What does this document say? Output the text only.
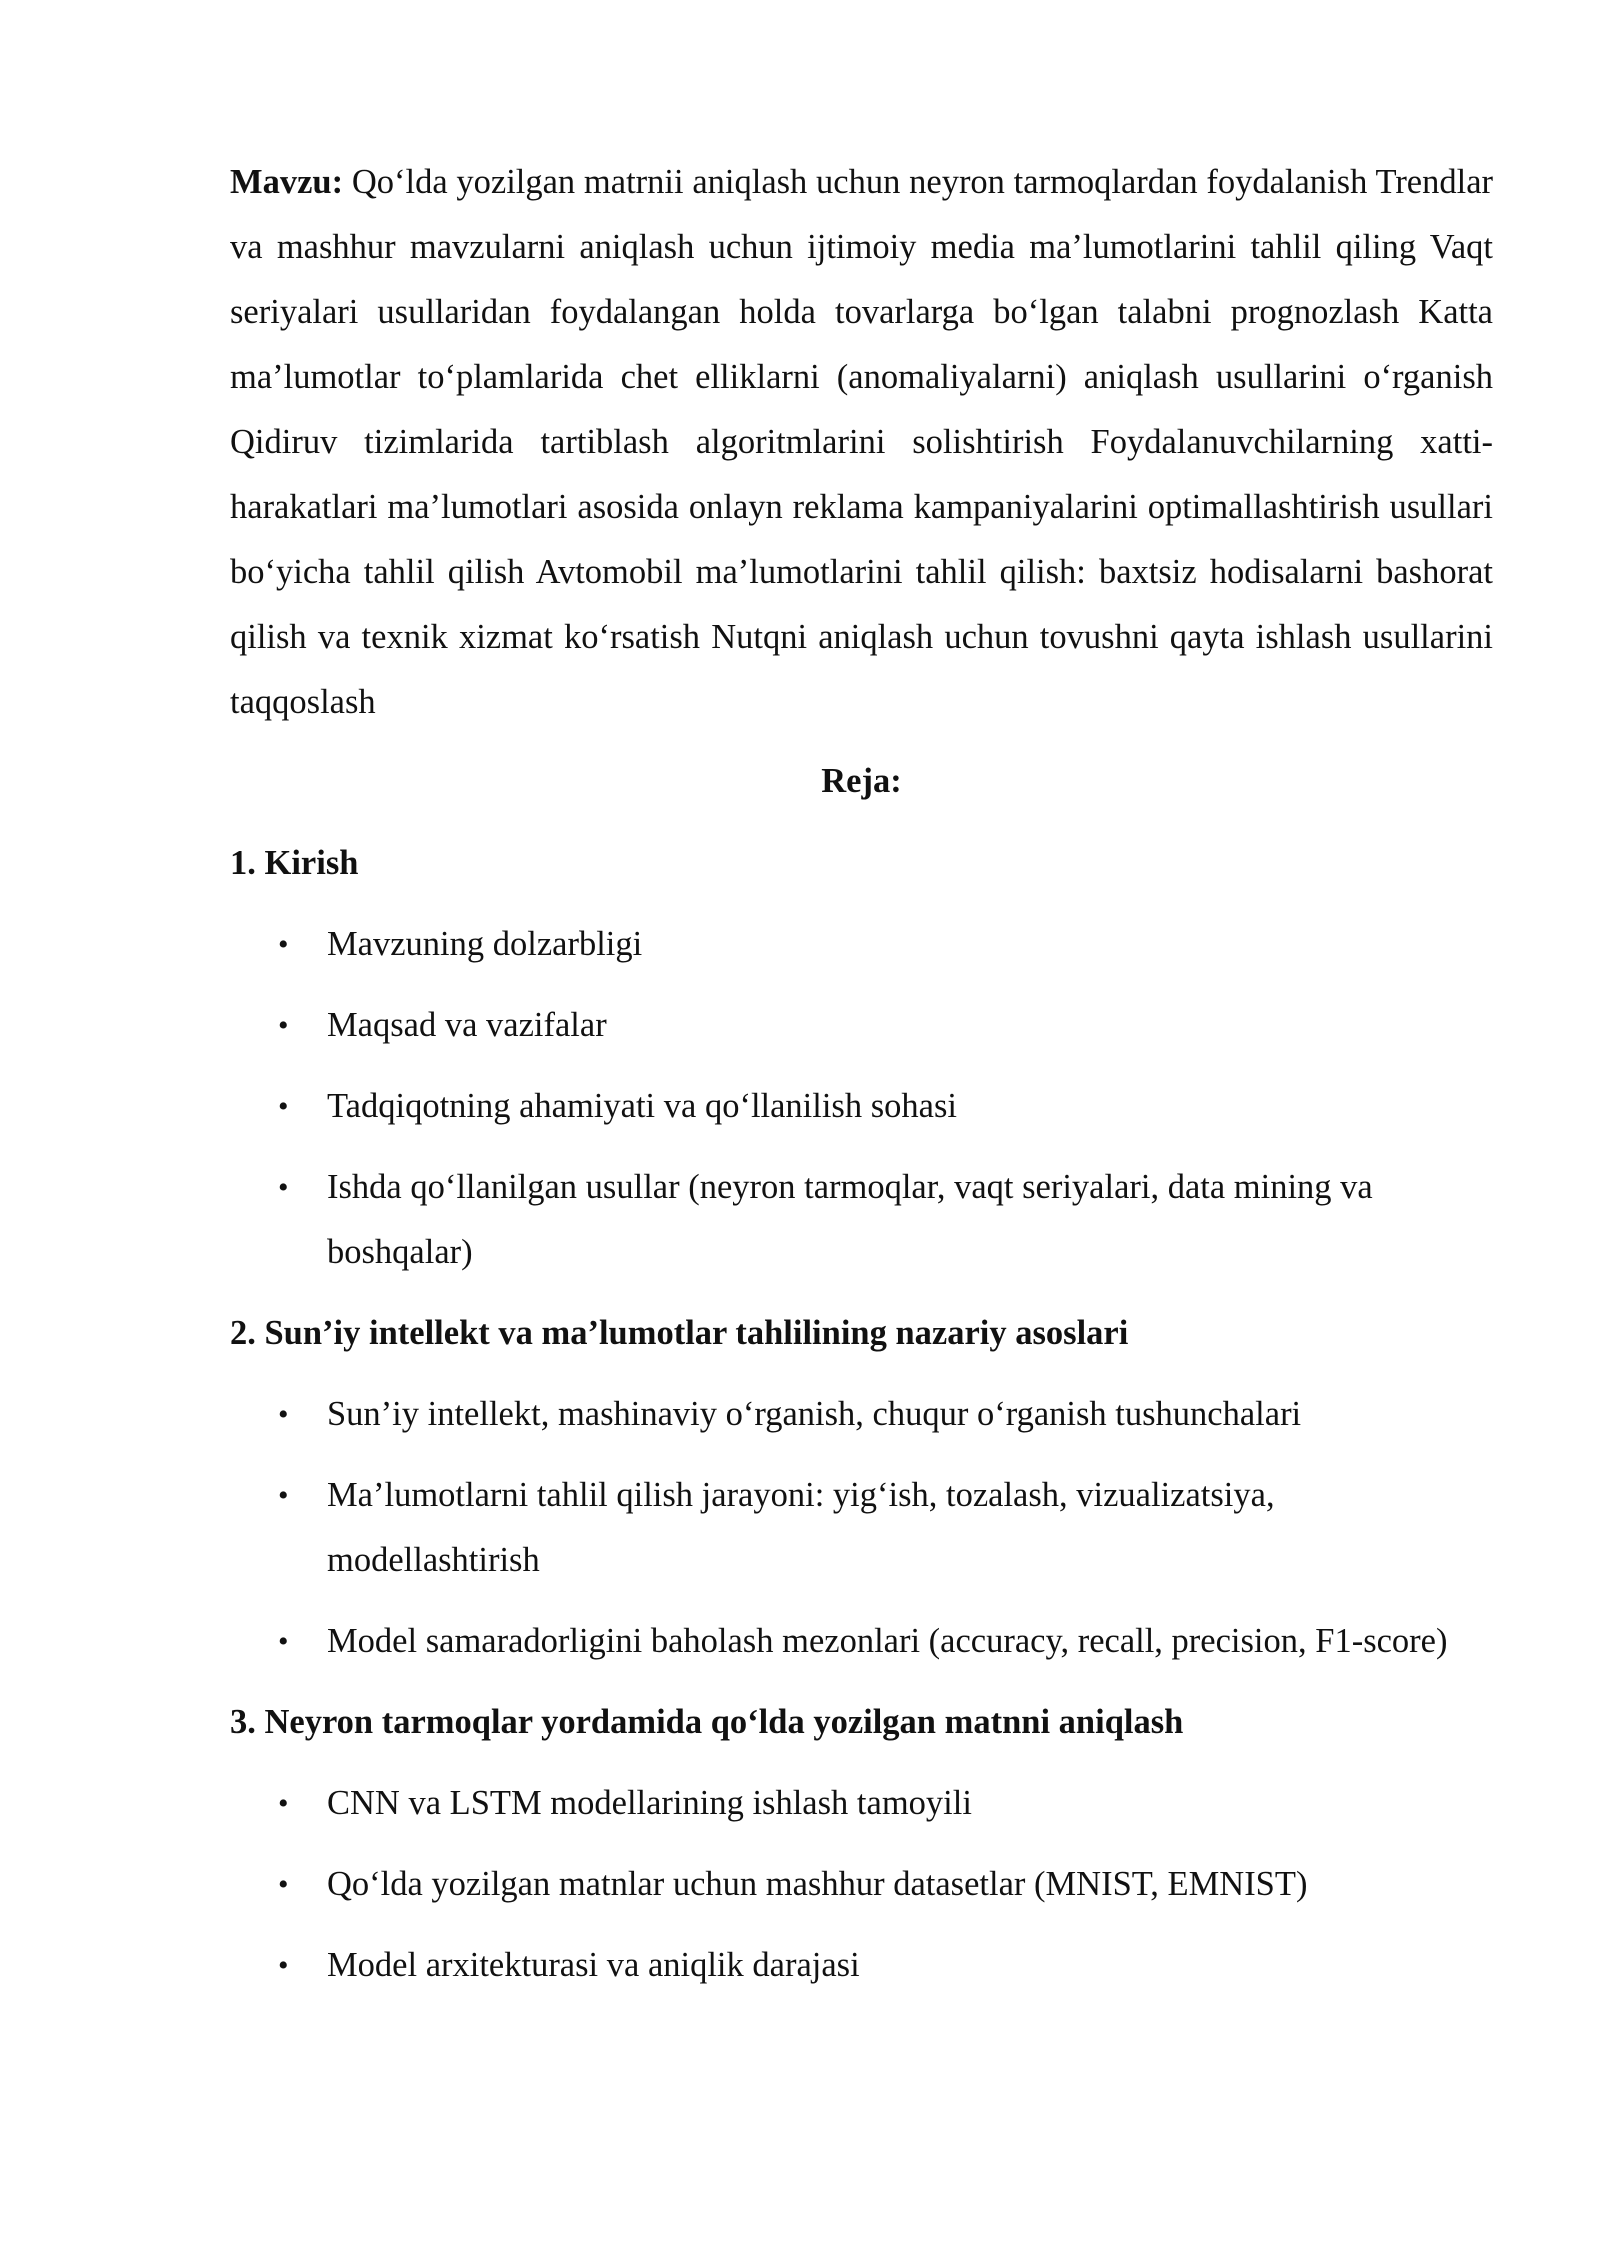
Mavzu: Qo‘lda yozilgan matrnii aniqlash uchun neyron tarmoqlardan foydalanish Trendlar va mashhur mavzularni aniqlash uchun ijtimoiy media ma’lumotlarini tahlil qiling Vaqt seriyalari usullaridan foydalangan holda tovarlarga bo‘lgan talabni prognozlash Katta ma’lumotlar to‘plamlarida chet elliklarni (anomaliyalarni) aniqlash usullarini o‘rganish Qidiruv tizimlarida tartiblash algoritmlarini solishtirish Foydalanuvchilarning xatti-harakatlari ma’lumotlari asosida onlayn reklama kampaniyalarini optimallashtirish usullari bo‘yicha tahlil qilish Avtomobil ma’lumotlarini tahlil qilish: baxtsiz hodisalarni bashorat qilish va texnik xizmat ko‘rsatish Nutqni aniqlash uchun tovushni qayta ishlash usullarini taqqoslash

Reja:
1. Kirish
• Mavzuning dolzarbligi
• Maqsad va vazifalar
• Tadqiqotning ahamiyati va qo‘llanilish sohasi
• Ishda qo‘llanilgan usullar (neyron tarmoqlar, vaqt seriyalari, data mining va boshqalar)
2. Sun’iy intellekt va ma’lumotlar tahlilining nazariy asoslari
• Sun’iy intellekt, mashinaviy o‘rganish, chuqur o‘rganish tushunchalari
• Ma’lumotlarni tahlil qilish jarayoni: yig‘ish, tozalash, vizualizatsiya, modellashtirish
• Model samaradorligini baholash mezonlari (accuracy, recall, precision, F1-score)
3. Neyron tarmoqlar yordamida qo‘lda yozilgan matnni aniqlash
• CNN va LSTM modellarining ishlash tamoyili
• Qo‘lda yozilgan matnlar uchun mashhur datasetlar (MNIST, EMNIST)
• Model arxitekturasi va aniqlik darajasi
